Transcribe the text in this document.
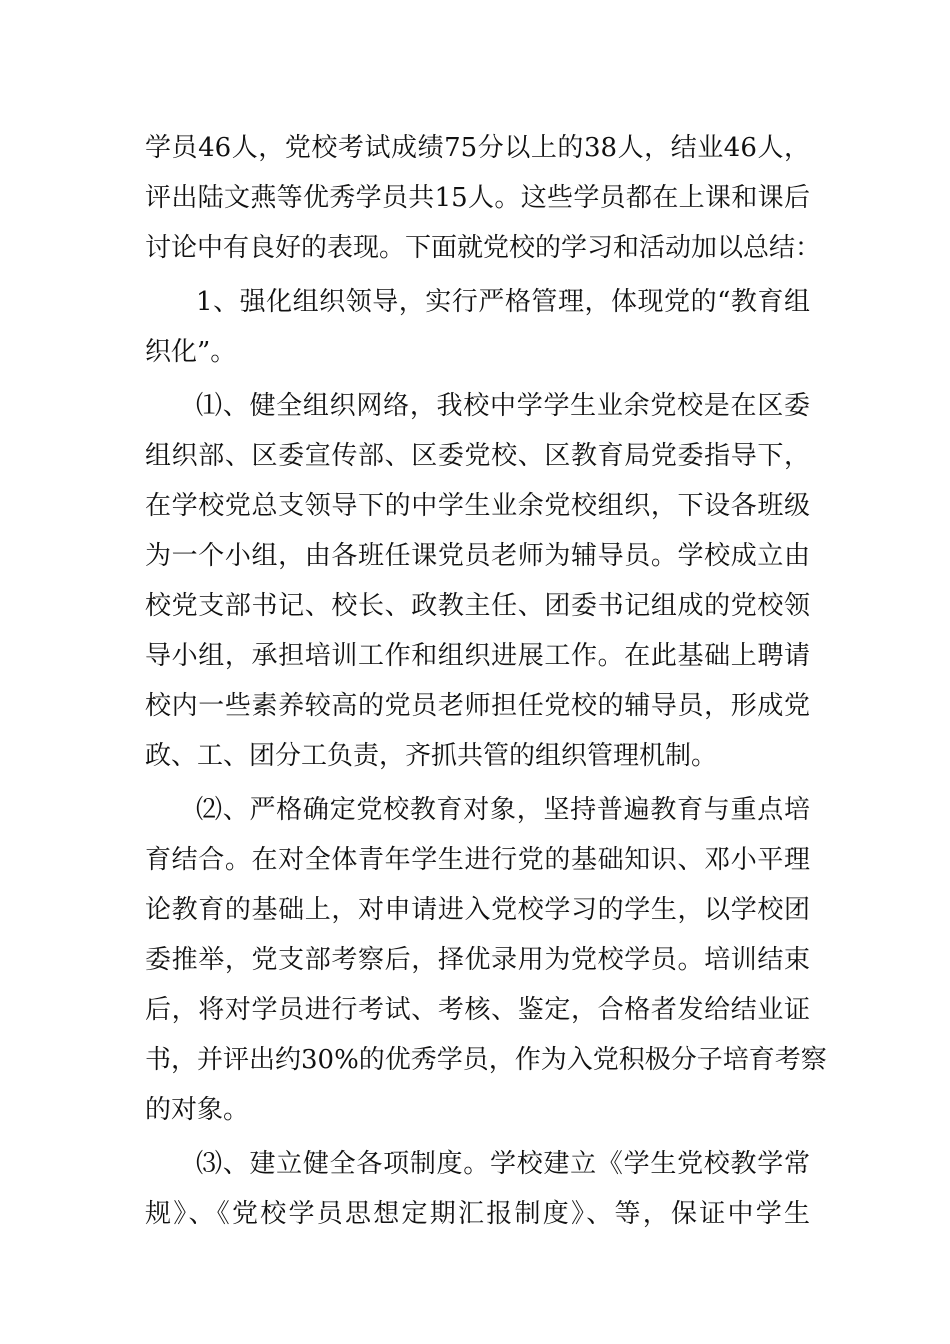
学员46人，党校考试成绩75分以上的38人，结业46人，
评出陆文燕等优秀学员共15人。这些学员都在上课和课后
讨论中有良好的表现。下面就党校的学习和活动加以总结：
1、强化组织领导，实行严格管理，体现党的“教育组
织化”。
⑴、健全组织网络，我校中学学生业余党校是在区委
组织部、区委宣传部、区委党校、区教育局党委指导下，
在学校党总支领导下的中学生业余党校组织，下设各班级
为一个小组，由各班任课党员老师为辅导员。学校成立由
校党支部书记、校长、政教主任、团委书记组成的党校领
导小组，承担培训工作和组织进展工作。在此基础上聘请
校内一些素养较高的党员老师担任党校的辅导员，形成党
政、工、团分工负责，齐抓共管的组织管理机制。
⑵、严格确定党校教育对象，坚持普遍教育与重点培
育结合。在对全体青年学生进行党的基础知识、邓小平理
论教育的基础上，对申请进入党校学习的学生，以学校团
委推举，党支部考察后，择优录用为党校学员。培训结束
后，将对学员进行考试、考核、鉴定，合格者发给结业证
书，并评出约30%的优秀学员，作为入党积极分子培育考察
的对象。
⑶、建立健全各项制度。学校建立《学生党校教学常
规》、《党校学员思想定期汇报制度》、等，保证中学生
